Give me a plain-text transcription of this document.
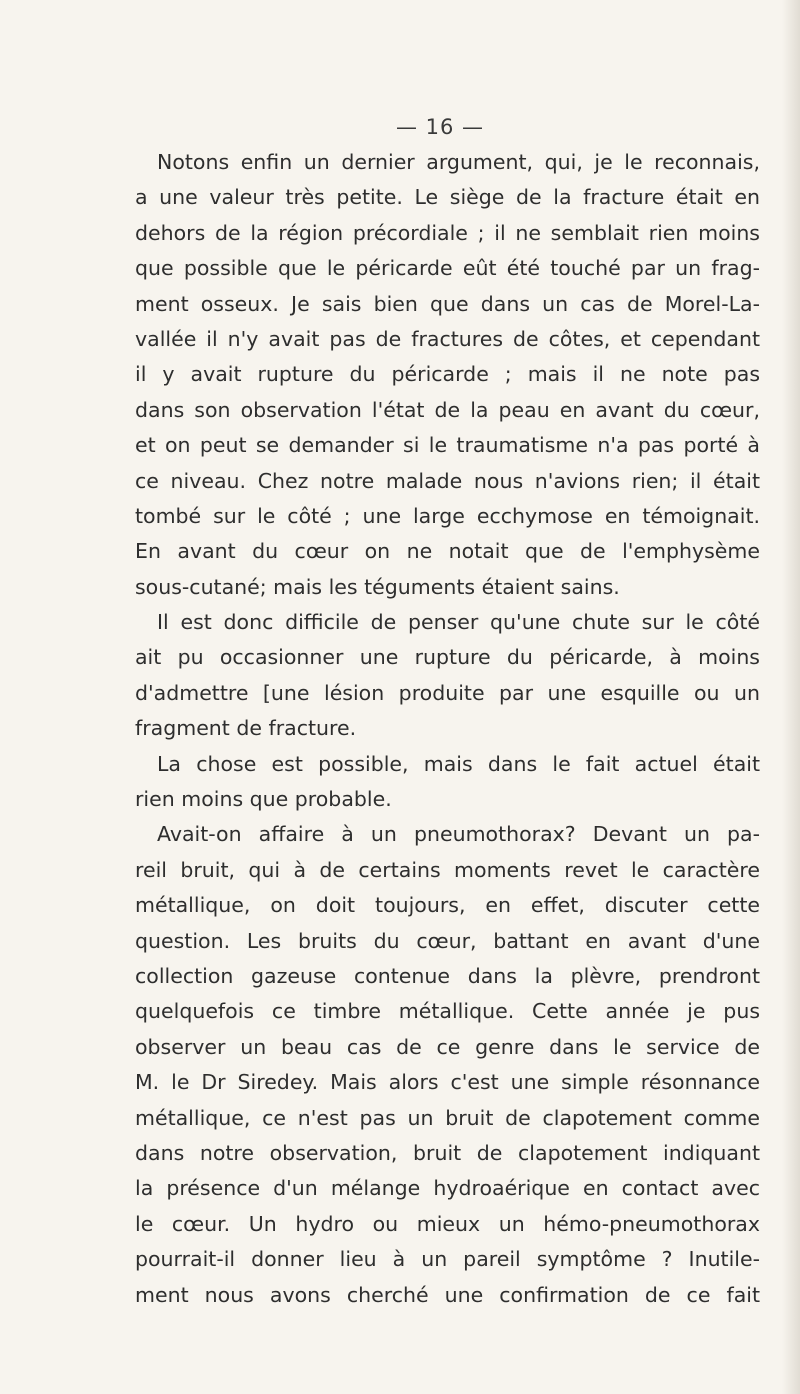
— 16 —
Notons enfin un dernier argument, qui, je le reconnais,
a une valeur très petite. Le siège de la fracture était en
dehors de la région précordiale ; il ne semblait rien moins
que possible que le péricarde eût été touché par un frag-
ment osseux. Je sais bien que dans un cas de Morel-La-
vallée il n'y avait pas de fractures de côtes, et cependant
il y avait rupture du péricarde ; mais il ne note pas
dans son observation l'état de la peau en avant du cœur,
et on peut se demander si le traumatisme n'a pas porté à
ce niveau. Chez notre malade nous n'avions rien; il était
tombé sur le côté ; une large ecchymose en témoignait.
En avant du cœur on ne notait que de l'emphysème
sous-cutané; mais les téguments étaient sains.
Il est donc difficile de penser qu'une chute sur le côté
ait pu occasionner une rupture du péricarde, à moins
d'admettre [une lésion produite par une esquille ou un
fragment de fracture.
La chose est possible, mais dans le fait actuel était
rien moins que probable.
Avait-on affaire à un pneumothorax? Devant un pa-
reil bruit, qui à de certains moments revet le caractère
métallique, on doit toujours, en effet, discuter cette
question. Les bruits du cœur, battant en avant d'une
collection gazeuse contenue dans la plèvre, prendront
quelquefois ce timbre métallique. Cette année je pus
observer un beau cas de ce genre dans le service de
M. le Dr Siredey. Mais alors c'est une simple résonnance
métallique, ce n'est pas un bruit de clapotement comme
dans notre observation, bruit de clapotement indiquant
la présence d'un mélange hydroaérique en contact avec
le cœur. Un hydro ou mieux un hémo-pneumothorax
pourrait-il donner lieu à un pareil symptôme ? Inutile-
ment nous avons cherché une confirmation de ce fait
